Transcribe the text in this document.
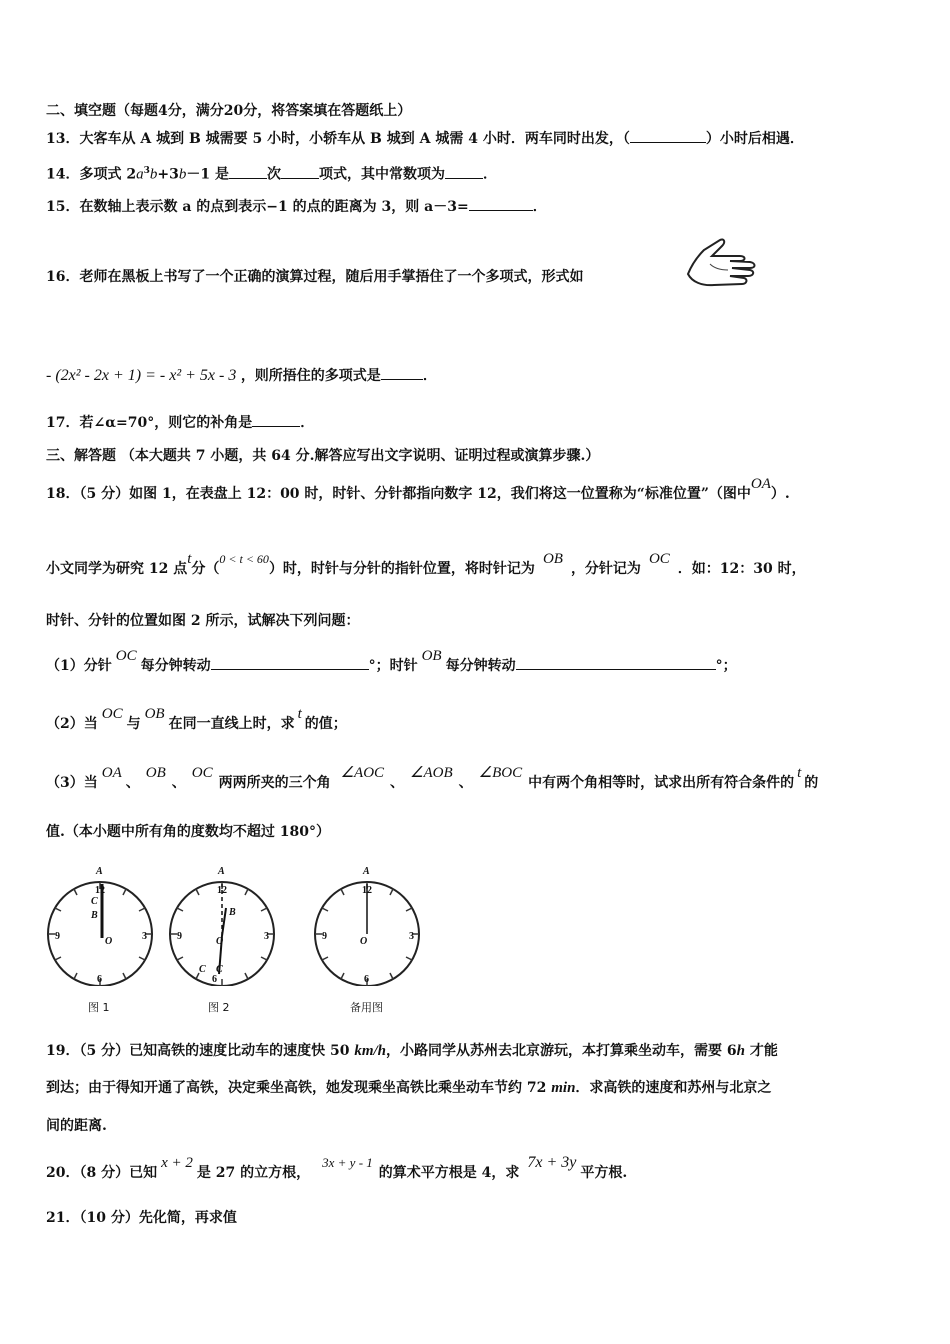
二、填空题（每题4分，满分20分，将答案填在答题纸上）
13．大客车从 A 城到 B 城需要 5 小时，小轿车从 B 城到 A 城需 4 小时．两车同时出发，（	）小时后相遇．
14．多项式 $2a^3b+3b-1$ 是	次	项式，其中常数项为	．
15．在数轴上表示数 a 的点到表示−1 的点的距离为 3，则 a－3=	．
16．老师在黑板上书写了一个正确的演算过程，随后用手掌捂住了一个多项式，形式如
- (2x² - 2x + 1) = - x² + 5x - 3 ，则所捂住的多项式是	．
17．若∠α=70°，则它的补角是	．
三、解答题 （本大题共 7 小题，共 64 分.解答应写出文字说明、证明过程或演算步骤.）
18．（5 分）如图 1，在表盘上 12：00 时，时针、分针都指向数字 12，我们将这一位置称为“标准位置”（图中OA）.
小文同学为研究 12 点t分（0 < t < 60）时，时针与分针的指针位置，将时针记为OB，分针记为OC．如：12：30 时，
时针、分针的位置如图 2 所示，试解决下列问题：
（1）分针OC每分钟转动	°；时针OB每分钟转动	°；
（2）当OC与OB在同一直线上时，求t的值；
（3）当OA、OB、OC两两所夹的三个角∠AOC、∠AOB、∠BOC中有两个角相等时，试求出所有符合条件的t的
值.（本小题中所有角的度数均不超过 180°）
A
12
C
B
O	3
6
9
图 1
A
12
B
O	3
6
9
C C
图 2
A
12
O	3
6
9
备用图
19．（5 分）已知高铁的速度比动车的速度快 50 km/h，小路同学从苏州去北京游玩，本打算乘坐动车，需要 6h 才能
到达；由于得知开通了高铁，决定乘坐高铁，她发现乘坐高铁比乘坐动车节约 72 min．求高铁的速度和苏州与北京之
间的距离.
20．（8 分）已知x + 2是 27 的立方根，3x + y - 1的算术平方根是 4，求7x + 3y平方根.
21．（10 分）先化简，再求值
